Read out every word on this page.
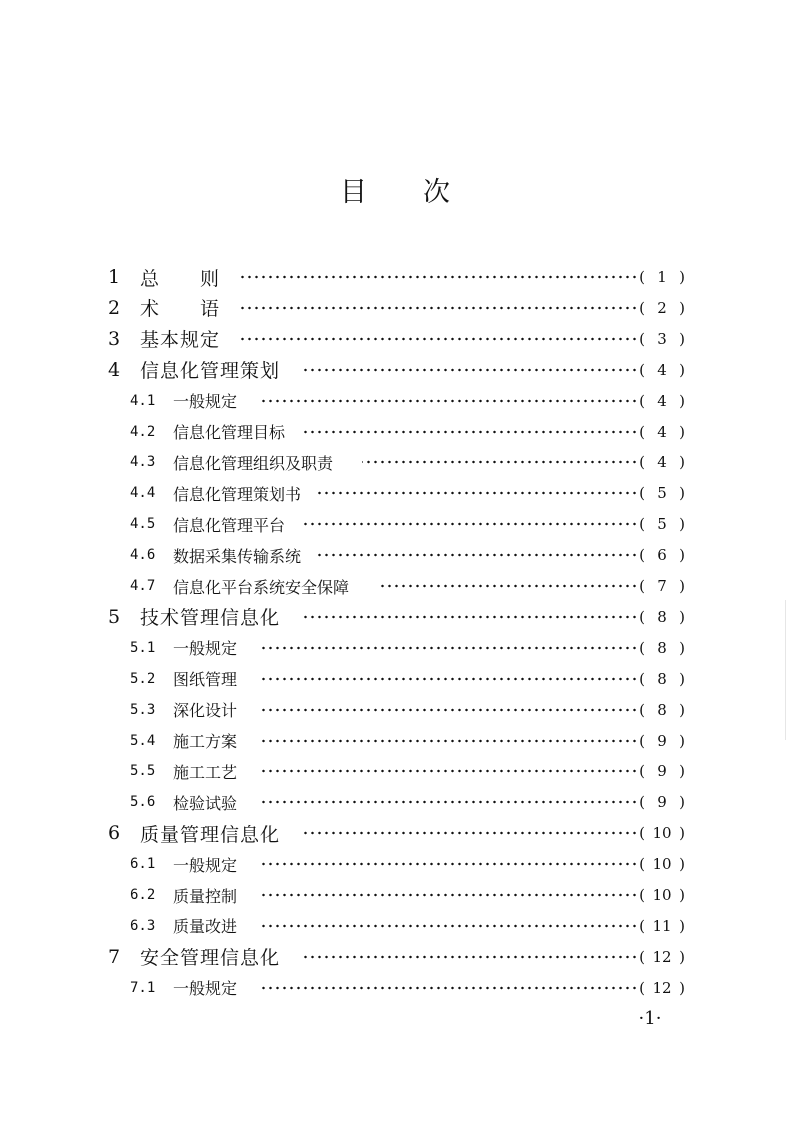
目 次
1 总  则	( 1 )
2 术  语	( 2 )
3 基本规定	( 3 )
4 信息化管理策划	( 4 )
4.1 一般规定	( 4 )
4.2 信息化管理目标	( 4 )
4.3 信息化管理组织及职责	( 4 )
4.4 信息化管理策划书	( 5 )
4.5 信息化管理平台	( 5 )
4.6 数据采集传输系统	( 6 )
4.7 信息化平台系统安全保障	( 7 )
5 技术管理信息化	( 8 )
5.1 一般规定	( 8 )
5.2 图纸管理	( 8 )
5.3 深化设计	( 8 )
5.4 施工方案	( 9 )
5.5 施工工艺	( 9 )
5.6 检验试验	( 9 )
6 质量管理信息化	( 10 )
6.1 一般规定	( 10 )
6.2 质量控制	( 10 )
6.3 质量改进	( 11 )
7 安全管理信息化	( 12 )
7.1 一般规定	( 12 )
·1·
